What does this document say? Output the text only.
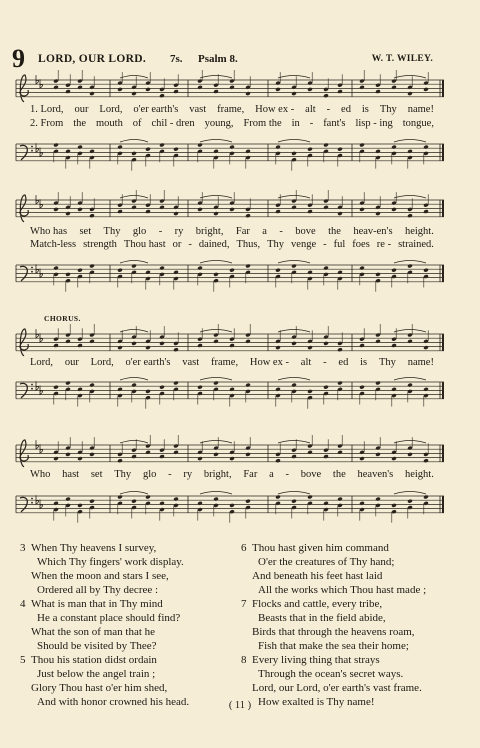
9 LORD, OUR LORD. 7s. Psalm 8.	W. T. WILEY.
1. Lord, our Lord, o'er earth's vast frame, How ex - alt - ed is Thy name!
2. From the mouth of chil - dren young, From the in - fant's lisp - ing tongue,
Who has set Thy glo - ry bright, Far a - bove the heav-en's height.
Match-less strength Thou hast or - dained, Thus, Thy venge - ful foes re - strained.
CHORUS.
Lord, our Lord, o'er earth's vast frame, How ex - alt - ed is Thy name!
Who hast set Thy glo - ry bright, Far a - bove the heaven's height.
3 When Thy heavens I survey,
Which Thy fingers' work display.
When the moon and stars I see,
Ordered all by Thy decree :
4 What is man that in Thy mind
He a constant place should find?
What the son of man that he
Should be visited by Thee?
5 Thou his station didst ordain
Just below the angel train ;
Glory Thou hast o'er him shed,
And with honor crowned his head.
6 Thou hast given him command
O'er the creatures of Thy hand;
And beneath his feet hast laid
All the works which Thou hast made ;
7 Flocks and cattle, every tribe,
Beasts that in the field abide,
Birds that through the heavens roam,
Fish that make the sea their home;
8 Every living thing that strays
Through the ocean's secret ways.
Lord, our Lord, o'er earth's vast frame.
How exalted is Thy name!
( 11 )
